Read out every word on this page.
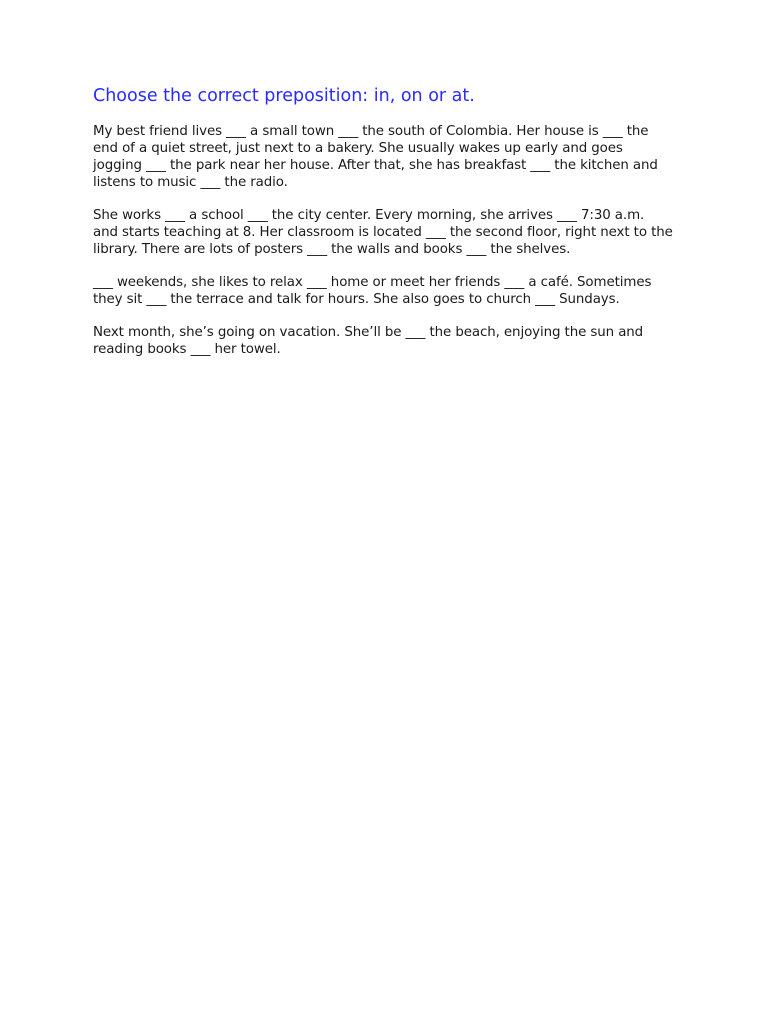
Choose the correct preposition: in, on or at.

My best friend lives ___ a small town ___ the south of Colombia. Her house is ___ the end of a quiet street, just next to a bakery. She usually wakes up early and goes jogging ___ the park near her house. After that, she has breakfast ___ the kitchen and listens to music ___ the radio.

She works ___ a school ___ the city center. Every morning, she arrives ___ 7:30 a.m. and starts teaching at 8. Her classroom is located ___ the second floor, right next to the library. There are lots of posters ___ the walls and books ___ the shelves.

___ weekends, she likes to relax ___ home or meet her friends ___ a café. Sometimes they sit ___ the terrace and talk for hours. She also goes to church ___ Sundays.

Next month, she’s going on vacation. She’ll be ___ the beach, enjoying the sun and reading books ___ her towel.
